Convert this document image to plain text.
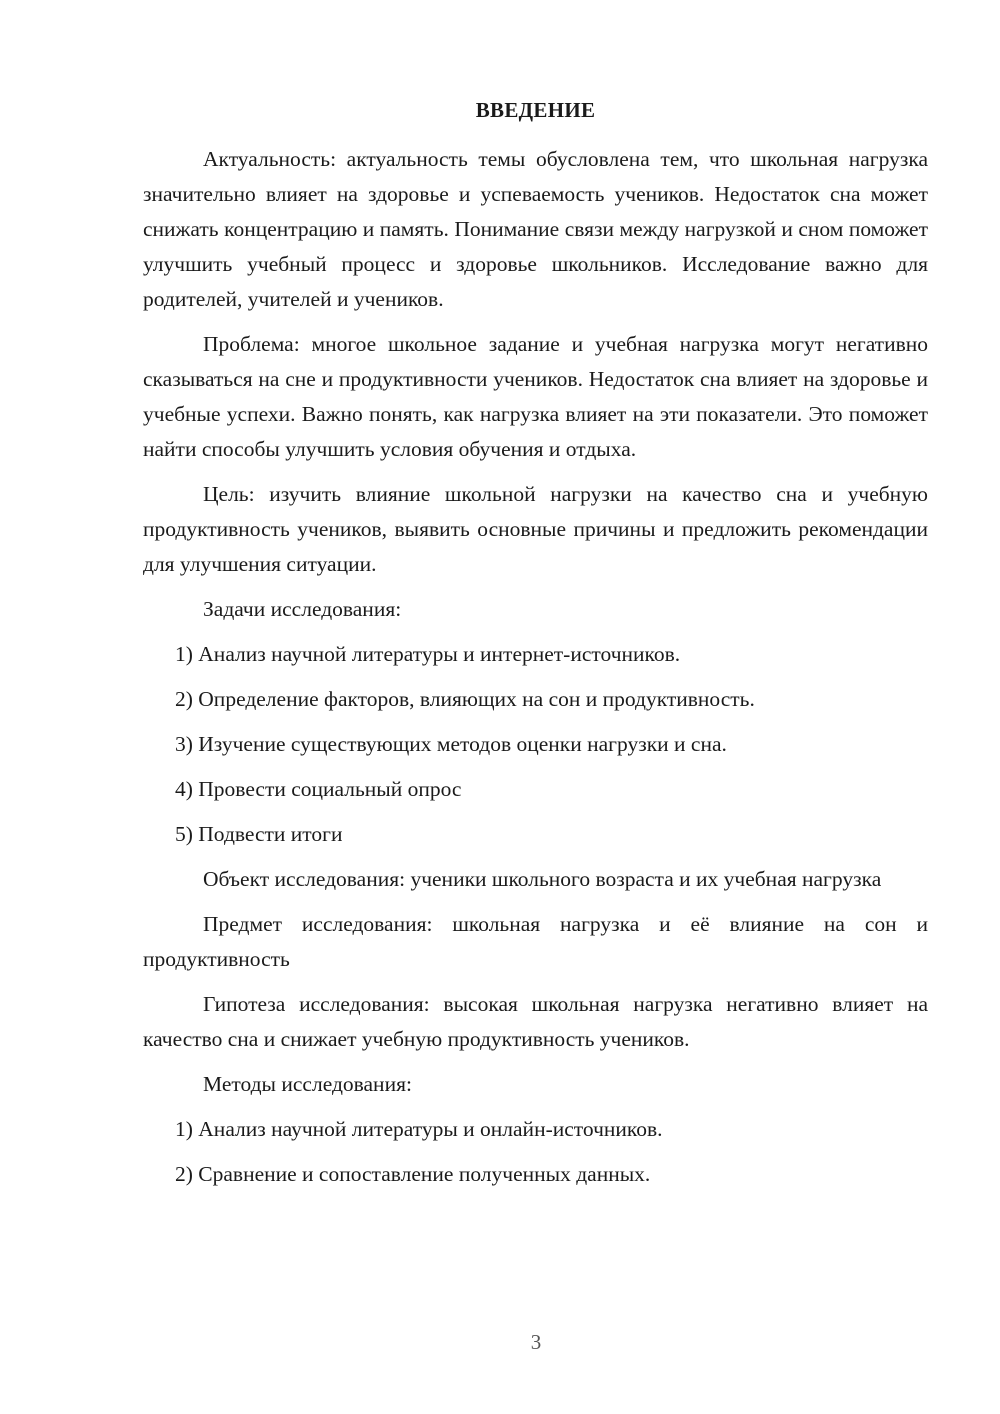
ВВЕДЕНИЕ

Актуальность: актуальность темы обусловлена тем, что школьная нагрузка значительно влияет на здоровье и успеваемость учеников. Недостаток сна может снижать концентрацию и память. Понимание связи между нагрузкой и сном поможет улучшить учебный процесс и здоровье школьников. Исследование важно для родителей, учителей и учеников.

Проблема: многое школьное задание и учебная нагрузка могут негативно сказываться на сне и продуктивности учеников. Недостаток сна влияет на здоровье и учебные успехи. Важно понять, как нагрузка влияет на эти показатели. Это поможет найти способы улучшить условия обучения и отдыха.

Цель: изучить влияние школьной нагрузки на качество сна и учебную продуктивность учеников, выявить основные причины и предложить рекомендации для улучшения ситуации.

Задачи исследования:

1) Анализ научной литературы и интернет-источников.
2) Определение факторов, влияющих на сон и продуктивность.
3) Изучение существующих методов оценки нагрузки и сна.
4) Провести социальный опрос
5) Подвести итоги

Объект исследования: ученики школьного возраста и их учебная нагрузка

Предмет исследования: школьная нагрузка и её влияние на сон и продуктивность

Гипотеза исследования: высокая школьная нагрузка негативно влияет на качество сна и снижает учебную продуктивность учеников.

Методы исследования:

1) Анализ научной литературы и онлайн-источников.
2) Сравнение и сопоставление полученных данных.
3
